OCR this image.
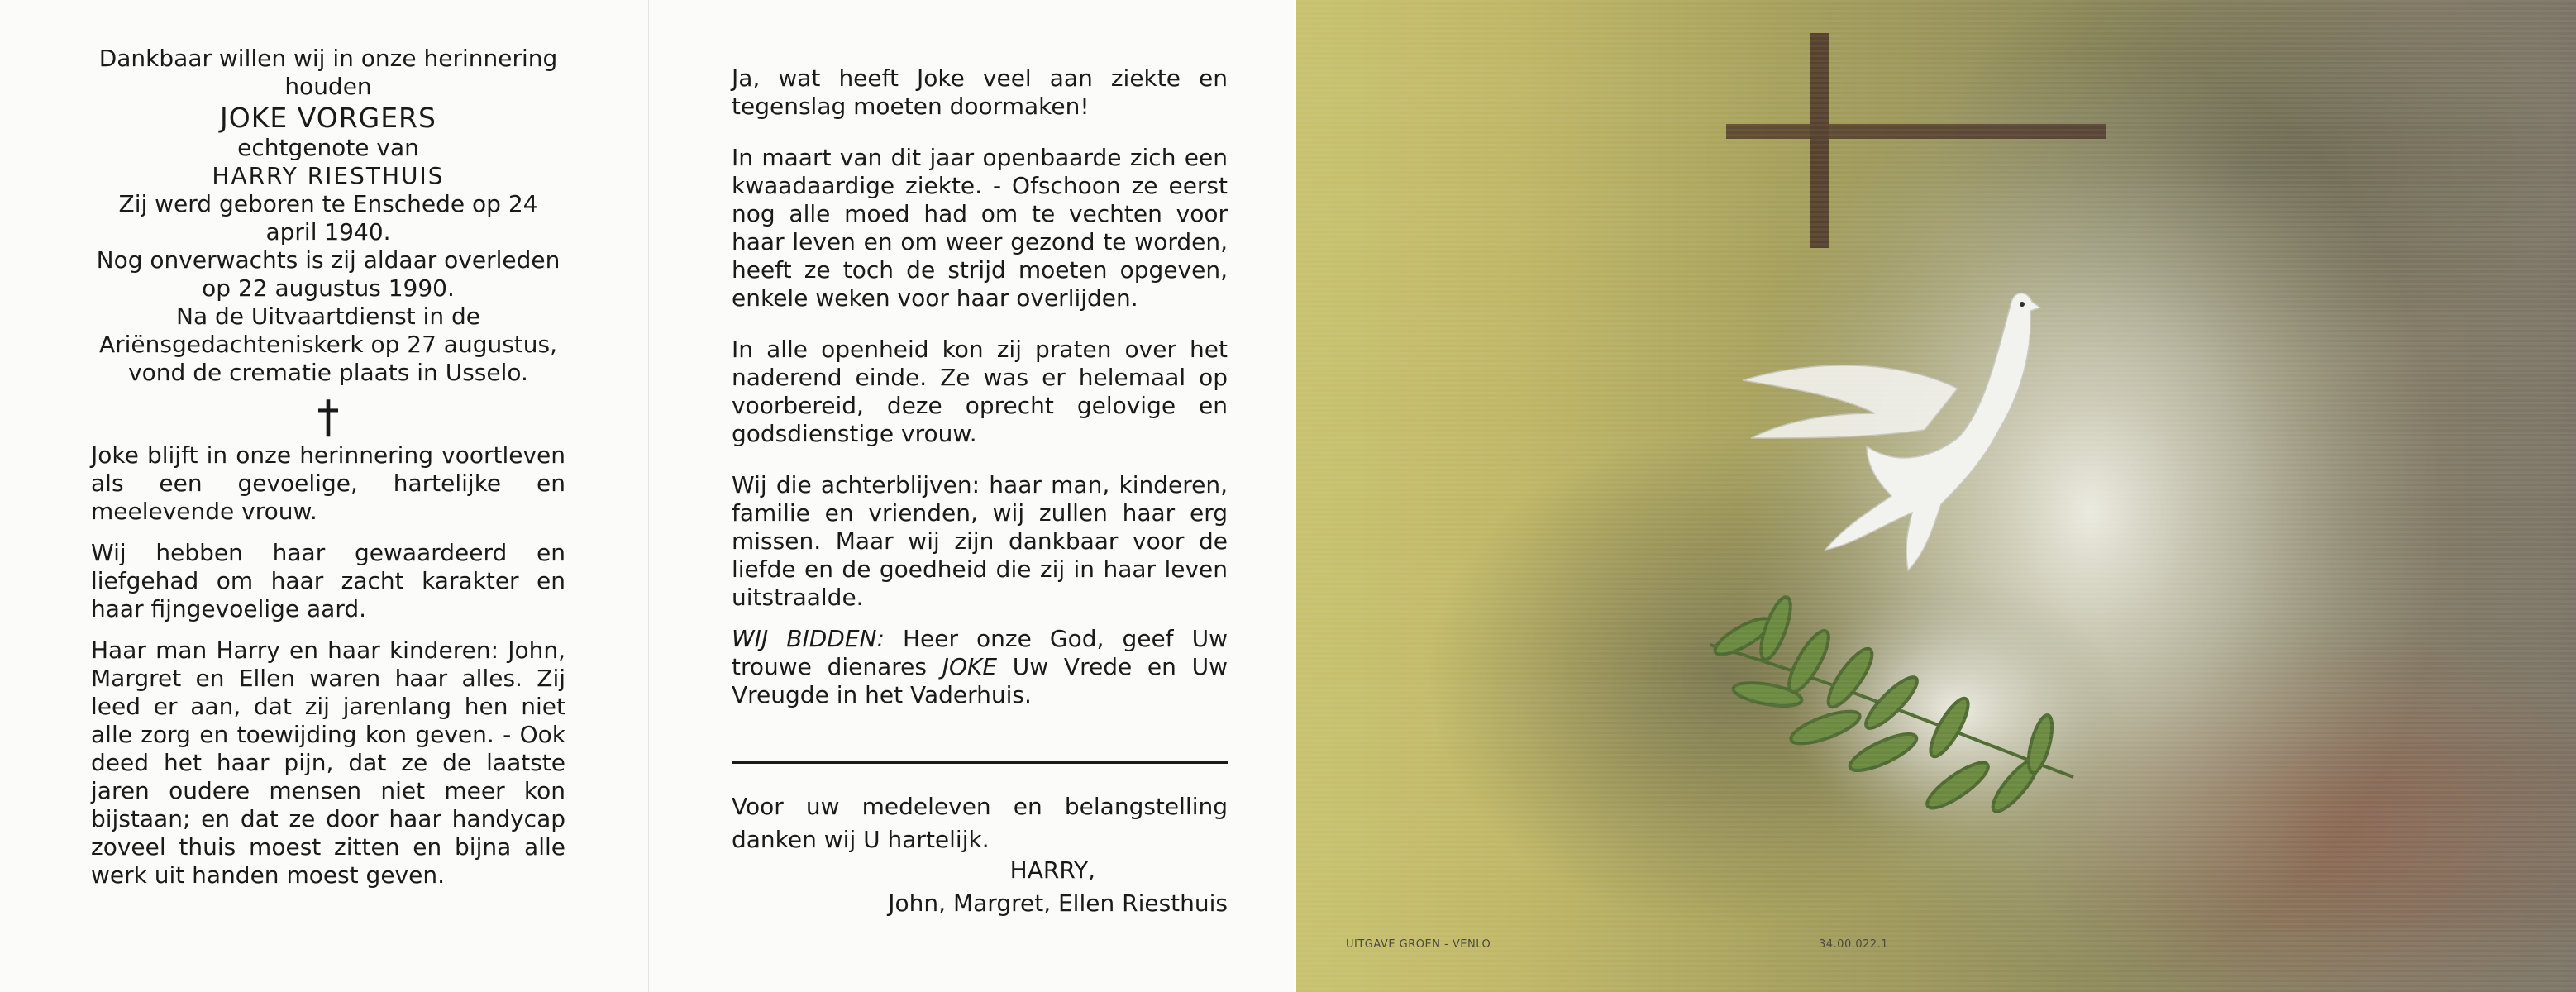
Dankbaar willen wij in onze herinnering houden

JOKE VORGERS

echtgenote van

HARRY RIESTHUIS

Zij werd geboren te Enschede op 24 april 1940.

Nog onverwachts is zij aldaar overleden op 22 augustus 1990.

Na de Uitvaartdienst in de Ariënsgedachteniskerk op 27 augustus, vond de crematie plaats in Usselo.

†

Joke blijft in onze herinnering voortleven als een gevoelige, hartelijke en meelevende vrouw.

Wij hebben haar gewaardeerd en liefgehad om haar zacht karakter en haar fijngevoelige aard.

Haar man Harry en haar kinderen: John, Margret en Ellen waren haar alles. Zij leed er aan, dat zij jarenlang hen niet alle zorg en toewijding kon geven. - Ook deed het haar pijn, dat ze de laatste jaren oudere mensen niet meer kon bijstaan; en dat ze door haar handycap zoveel thuis moest zitten en bijna alle werk uit handen moest geven.

Ja, wat heeft Joke veel aan ziekte en tegenslag moeten doormaken!

In maart van dit jaar openbaarde zich een kwaadaardige ziekte. - Ofschoon ze eerst nog alle moed had om te vechten voor haar leven en om weer gezond te worden, heeft ze toch de strijd moeten opgeven, enkele weken voor haar overlijden.

In alle openheid kon zij praten over het naderend einde. Ze was er helemaal op voorbereid, deze oprecht gelovige en godsdienstige vrouw.

Wij die achterblijven: haar man, kinderen, familie en vrienden, wij zullen haar erg missen. Maar wij zijn dankbaar voor de liefde en de goedheid die zij in haar leven uitstraalde.

WIJ BIDDEN: Heer onze God, geef Uw trouwe dienares JOKE Uw Vrede en Uw Vreugde in het Vaderhuis.

Voor uw medeleven en belangstelling danken wij U hartelijk.

HARRY,

John, Margret, Ellen Riesthuis

UITGAVE GROEN - VENLO	34.00.022.1
